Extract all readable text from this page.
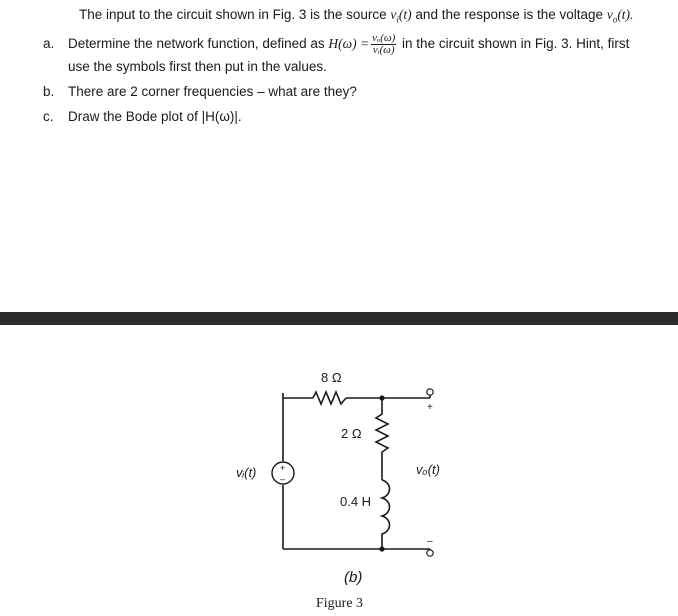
The input to the circuit shown in Fig. 3 is the source $v_i(t)$ and the response is the voltage $v_o(t)$.
a. Determine the network function, defined as $H(\omega) = \frac{\text{vₒ(ω)}}{\text{vᵢ(ω)}}$ in the circuit shown in Fig. 3. Hint, first
use the symbols first then put in the values.
b. There are 2 corner frequencies – what are they?
c. Draw the Bode plot of |H(ω)|.
+
–
+
–
8 Ω
2 Ω
0.4 H
vᵢ(t)	vₒ(t)
(b)
Figure 3
